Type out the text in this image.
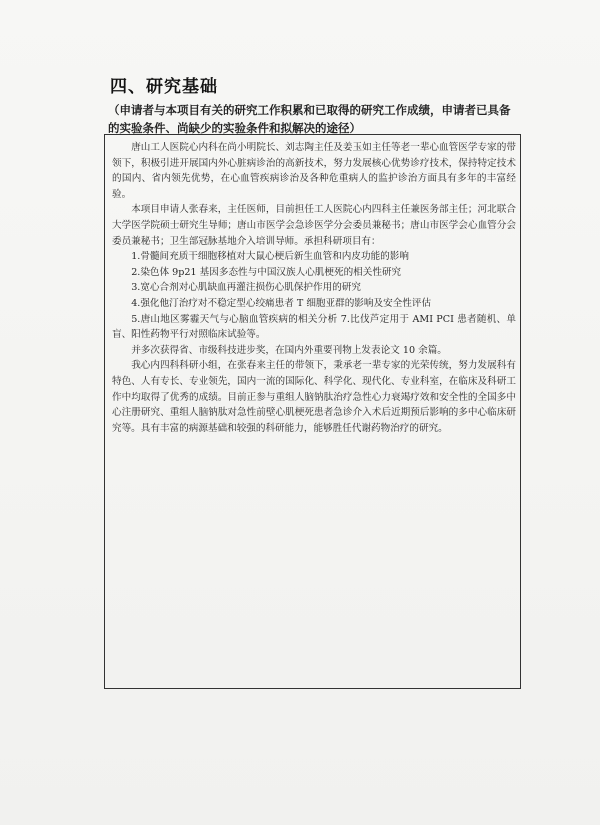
四、研究基础
（申请者与本项目有关的研究工作积累和已取得的研究工作成绩，申请者已具备的实验条件、尚缺少的实验条件和拟解决的途径）

唐山工人医院心内科在尚小明院长、刘志陶主任及姜玉如主任等老一辈心血管医学专家的带领下，积极引进开展国内外心脏病诊治的高新技术，努力发展核心优势诊疗技术，保持特定技术的国内、省内领先优势，在心血管疾病诊治及各种危重病人的监护诊治方面具有多年的丰富经验。

本项目申请人张春来，主任医师，目前担任工人医院心内四科主任兼医务部主任；河北联合大学医学院硕士研究生导师；唐山市医学会急诊医学分会委员兼秘书；唐山市医学会心血管分会委员兼秘书；卫生部冠脉基地介入培训导师。承担科研项目有：

1.骨髓间充质干细胞移植对大鼠心梗后新生血管和内皮功能的影响

2.染色体 9p21 基因多态性与中国汉族人心肌梗死的相关性研究

3.宽心合剂对心肌缺血再灌注损伤心肌保护作用的研究

4.强化他汀治疗对不稳定型心绞痛患者 T 细胞亚群的影响及安全性评估

5.唐山地区雾霾天气与心脑血管疾病的相关分析 7.比伐芦定用于 AMI PCI 患者随机、单盲、阳性药物平行对照临床试验等。

并多次获得省、市级科技进步奖，在国内外重要刊物上发表论文 10 余篇。

我心内四科科研小组，在张春来主任的带领下，秉承老一辈专家的光荣传统，努力发展科有特色、人有专长、专业领先，国内一流的国际化、科学化、现代化、专业科室，在临床及科研工作中均取得了优秀的成绩。目前正参与重组人脑钠肽治疗急性心力衰竭疗效和安全性的全国多中心注册研究、重组人脑钠肽对急性前壁心肌梗死患者急诊介入术后近期预后影响的多中心临床研究等。具有丰富的病源基础和较强的科研能力，能够胜任代谢药物治疗的研究。
